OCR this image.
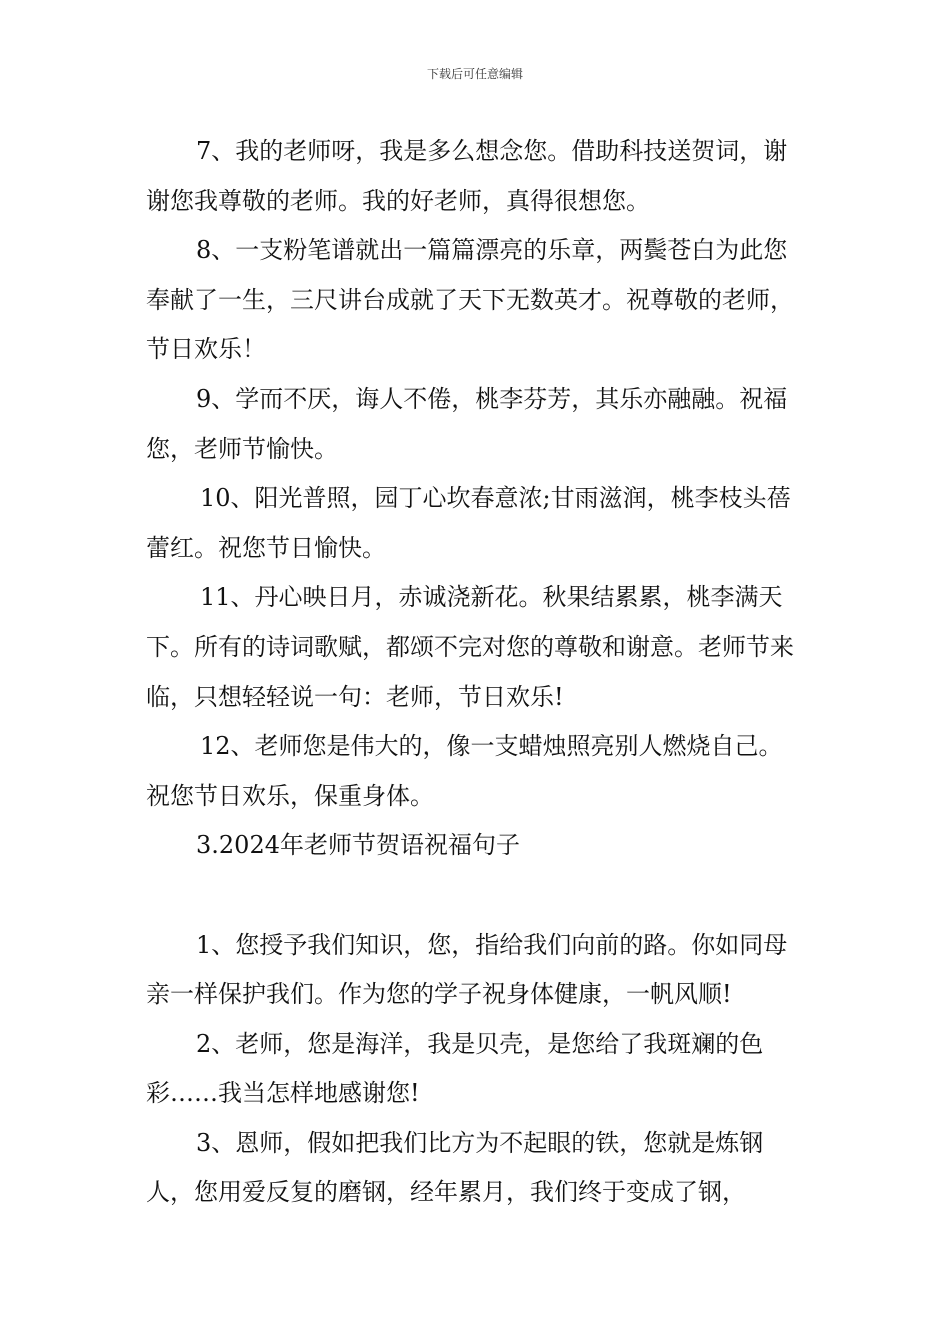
下载后可任意编辑

7、我的老师呀，我是多么想念您。借助科技送贺词，谢谢您我尊敬的老师。我的好老师，真得很想您。

8、一支粉笔谱就出一篇篇漂亮的乐章，两鬓苍白为此您奉献了一生，三尺讲台成就了天下无数英才。祝尊敬的老师，节日欢乐！

9、学而不厌，诲人不倦，桃李芬芳，其乐亦融融。祝福您，老师节愉快。

10、阳光普照，园丁心坎春意浓;甘雨滋润，桃李枝头蓓蕾红。祝您节日愉快。

11、丹心映日月，赤诚浇新花。秋果结累累，桃李满天下。所有的诗词歌赋，都颂不完对您的尊敬和谢意。老师节来临，只想轻轻说一句：老师，节日欢乐!

12、老师您是伟大的，像一支蜡烛照亮别人燃烧自己。

祝您节日欢乐，保重身体。

3.2024年老师节贺语祝福句子

1、您授予我们知识，您，指给我们向前的路。你如同母亲一样保护我们。作为您的学子祝身体健康，一帆风顺!

2、老师，您是海洋，我是贝壳，是您给了我斑斓的色彩……我当怎样地感谢您!

3、恩师，假如把我们比方为不起眼的铁，您就是炼钢人，您用爱反复的磨钢，经年累月，我们终于变成了钢，
